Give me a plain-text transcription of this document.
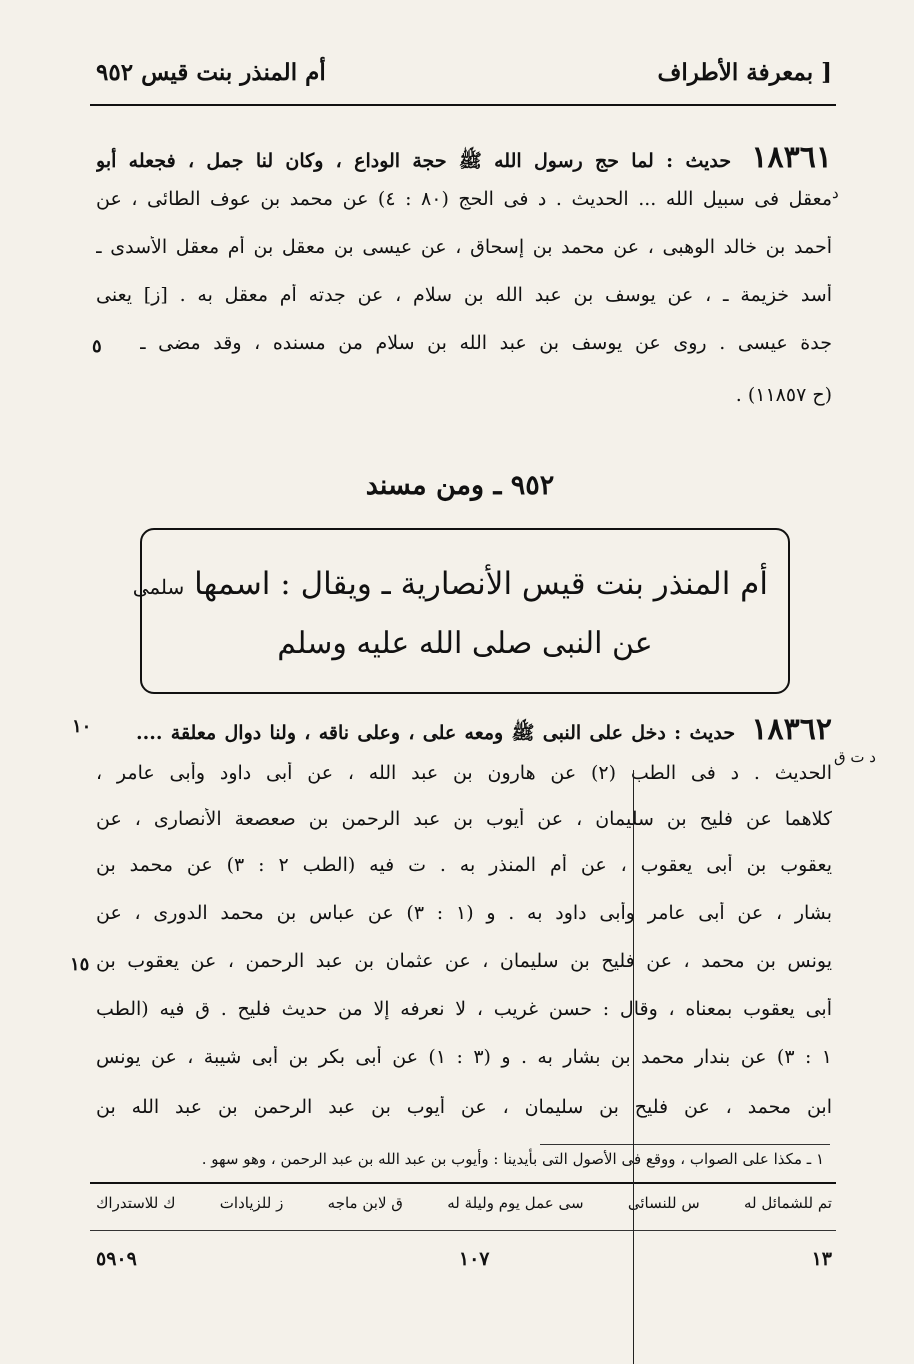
أم المنذر بنت قيس ٩٥٢	بمعرفة الأطراف ]
١٨٣٦١ حديث : لما حج رسول الله ﷺ حجة الوداع ، وكان لنا جمل ، فجعله أبو
معقل فى سبيل الله ... الحديث . د فى الحج (٨٠ : ٤) عن محمد بن عوف الطائى ، عن
أحمد بن خالد الوهبى ، عن محمد بن إسحاق ، عن عيسى بن معقل بن أم معقل الأسدى ـ
أسد خزيمة ـ ، عن يوسف بن عبد الله بن سلام ، عن جدته أم معقل به . [ز] يعنى
جدة عيسى . روى عن يوسف بن عبد الله بن سلام من مسنده ، وقد مضى ـ
(ح ١١٨٥٧) .
د
٥
٩٥٢ ـ ومن مسند
أم المنذر بنت قيس الأنصارية ـ ويقال : اسمها سلمى
عن النبى صلى الله عليه وسلم
١٨٣٦٢ حديث : دخل على النبى ﷺ ومعه على ، وعلى ناقه ، ولنا دوال معلقة ....
الحديث . د فى الطب (٢) عن هارون بن عبد الله ، عن أبى داود وأبى عامر ،
كلاهما عن فليح بن سليمان ، عن أيوب بن عبد الرحمن بن صعصعة الأنصارى ، عن
يعقوب بن أبى يعقوب ، عن أم المنذر به . ت فيه (الطب ٢ : ٣) عن محمد بن
بشار ، عن أبى عامر وأبى داود به . و (١ : ٣) عن عباس بن محمد الدورى ، عن
يونس بن محمد ، عن فليح بن سليمان ، عن عثمان بن عبد الرحمن ، عن يعقوب بن
أبى يعقوب بمعناه ، وقال : حسن غريب ، لا نعرفه إلا من حديث فليح . ق فيه (الطب
١ : ٣) عن بندار محمد بن بشار به . و (٣ : ١) عن أبى بكر بن أبى شيبة ، عن يونس
ابن محمد ، عن فليح بن سليمان ، عن أيوب بن عبد الرحمن بن عبد الله بن
د ت ق
١٠
١٥
١ ـ مكذا على الصواب ، ووقع فى الأصول التى بأيدينا : وأيوب بن عبد الله بن عبد الرحمن ، وهو سهو .
تم للشمائل له
س للنسائى
سى عمل يوم وليلة له
ق لابن ماجه
ز للزيادات
ك للاستدراك
٥٩٠٩	١٠٧	١٣
